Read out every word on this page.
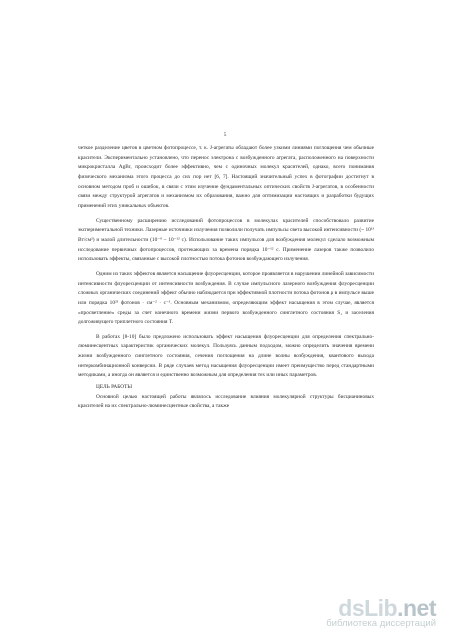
5

четкое разделение цветов в цветном фотопроцессе, т. к. J-агрегаты обладают более узкими линиями поглощения чем обычные красители. Экспериментально установлено, что перенос электрона с возбужденного агрегата, расположенного на поверхности микрокристалла AgBr, происходит более эффективно, чем с одиночных молекул красителей, однако, всего понимания физического механизма этого процесса до сих пор нет [6, 7]. Настоящий значительный успех в фотографии достигнут в основном методом проб и ошибок, в связи с этим изучение фундаментальных оптических свойств J-агрегатов, в особенности связи между структурой агрегатов и механизмом их образования, важно для оптимизации настоящих и разработки будущих применений этих уникальных объектов.

Существенному расширению исследований фотопроцессов в молекулах красителей способствовало развитие экспериментальной техники. Лазерные источники излучения позволили получать импульсы света высокой интенсивности (~ 10¹³ Вт/см²) и малой длительности (10⁻⁹ – 10⁻¹² с). Использование таких импульсов для возбуждения молекул сделало возможным исследование первичных фотопроцессов, протекающих за времена порядка 10⁻¹² с. Применение лазеров также позволило использовать эффекты, связанные с высокой плотностью потока фотонов возбуждающего излучения.

Одним из таких эффектов является насыщение флуоресценции, которое проявляется в нарушении линейной зависимости интенсивности флуоресценции от интенсивности возбуждения. В случае импульсного лазерного возбуждения флуоресценции сложных органических соединений эффект обычно наблюдается при эффективной плотности потока фотонов ρ в импульсе выше или порядка 10²³ фотонов · см⁻² · с⁻¹. Основным механизмом, определяющим эффект насыщения в этом случае, является «просветление» среды за счет конечного времени жизни первого возбужденного синглетного состояния S₁ и заселения долгоживущего триплетного состояния T.

В работах [8-10] было предложено использовать эффект насыщения флуоресценции для определения спектрально-люминесцентных характеристик органических молекул. Пользуясь данным подходом, можно определить значения времени жизни возбужденного синглетного состояния, сечения поглощения на длине волны возбуждения, квантового выхода интеркомбинационной конверсии. В ряде случаев метод насыщения флуоресценции имеет преимущество перед стандартными методиками, а иногда он является и единственно возможным для определения тех или иных параметров.

ЦЕЛЬ РАБОТЫ

Основной целью настоящей работы являлось исследование влияния молекулярной структуры бисцианиновых красителей на их спектрально-люминесцентные свойства, а также

dsLib.net
библиотека диссертаций
